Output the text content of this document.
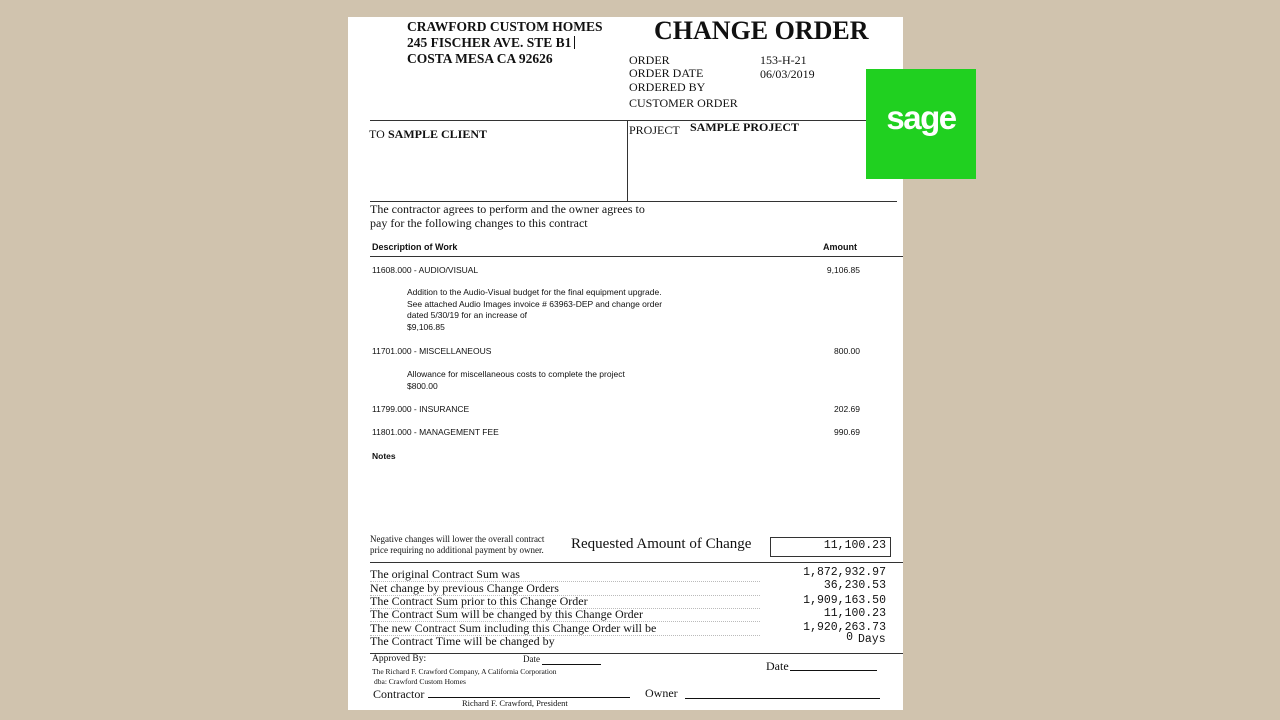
CRAWFORD CUSTOM HOMES
245 FISCHER AVE. STE B1
COSTA MESA CA 92626
CHANGE ORDER
ORDER	153-H-21
ORDER DATE	06/03/2019
ORDERED BY
CUSTOMER ORDER
TO SAMPLE CLIENT	PROJECT SAMPLE PROJECT
The contractor agrees to perform and the owner agrees to
pay for the following changes to this contract
Description of Work	Amount
11608.000 - AUDIO/VISUAL	9,106.85
Addition to the Audio-Visual budget for the final equipment upgrade.
See attached Audio Images invoice # 63963-DEP and change order
dated 5/30/19 for an increase of
$9,106.85
11701.000 - MISCELLANEOUS	800.00
Allowance for miscellaneous costs to complete the project
$800.00
11799.000 - INSURANCE	202.69
11801.000 - MANAGEMENT FEE	990.69
Notes
Negative changes will lower the overall contract
price requiring no additional payment by owner. Requested Amount of Change	11,100.23
The original Contract Sum was	1,872,932.97
Net change by previous Change Orders	36,230.53
The Contract Sum prior to this Change Order	1,909,163.50
The Contract Sum will be changed by this Change Order	11,100.23
The new Contract Sum including this Change Order will be	1,920,263.73
The Contract Time will be changed by	0 Days
Approved By:	Date
The Richard F. Crawford Company, A California Corporation
dba: Crawford Custom Homes
Contractor
Richard F. Crawford, President
Date
Owner
sage
